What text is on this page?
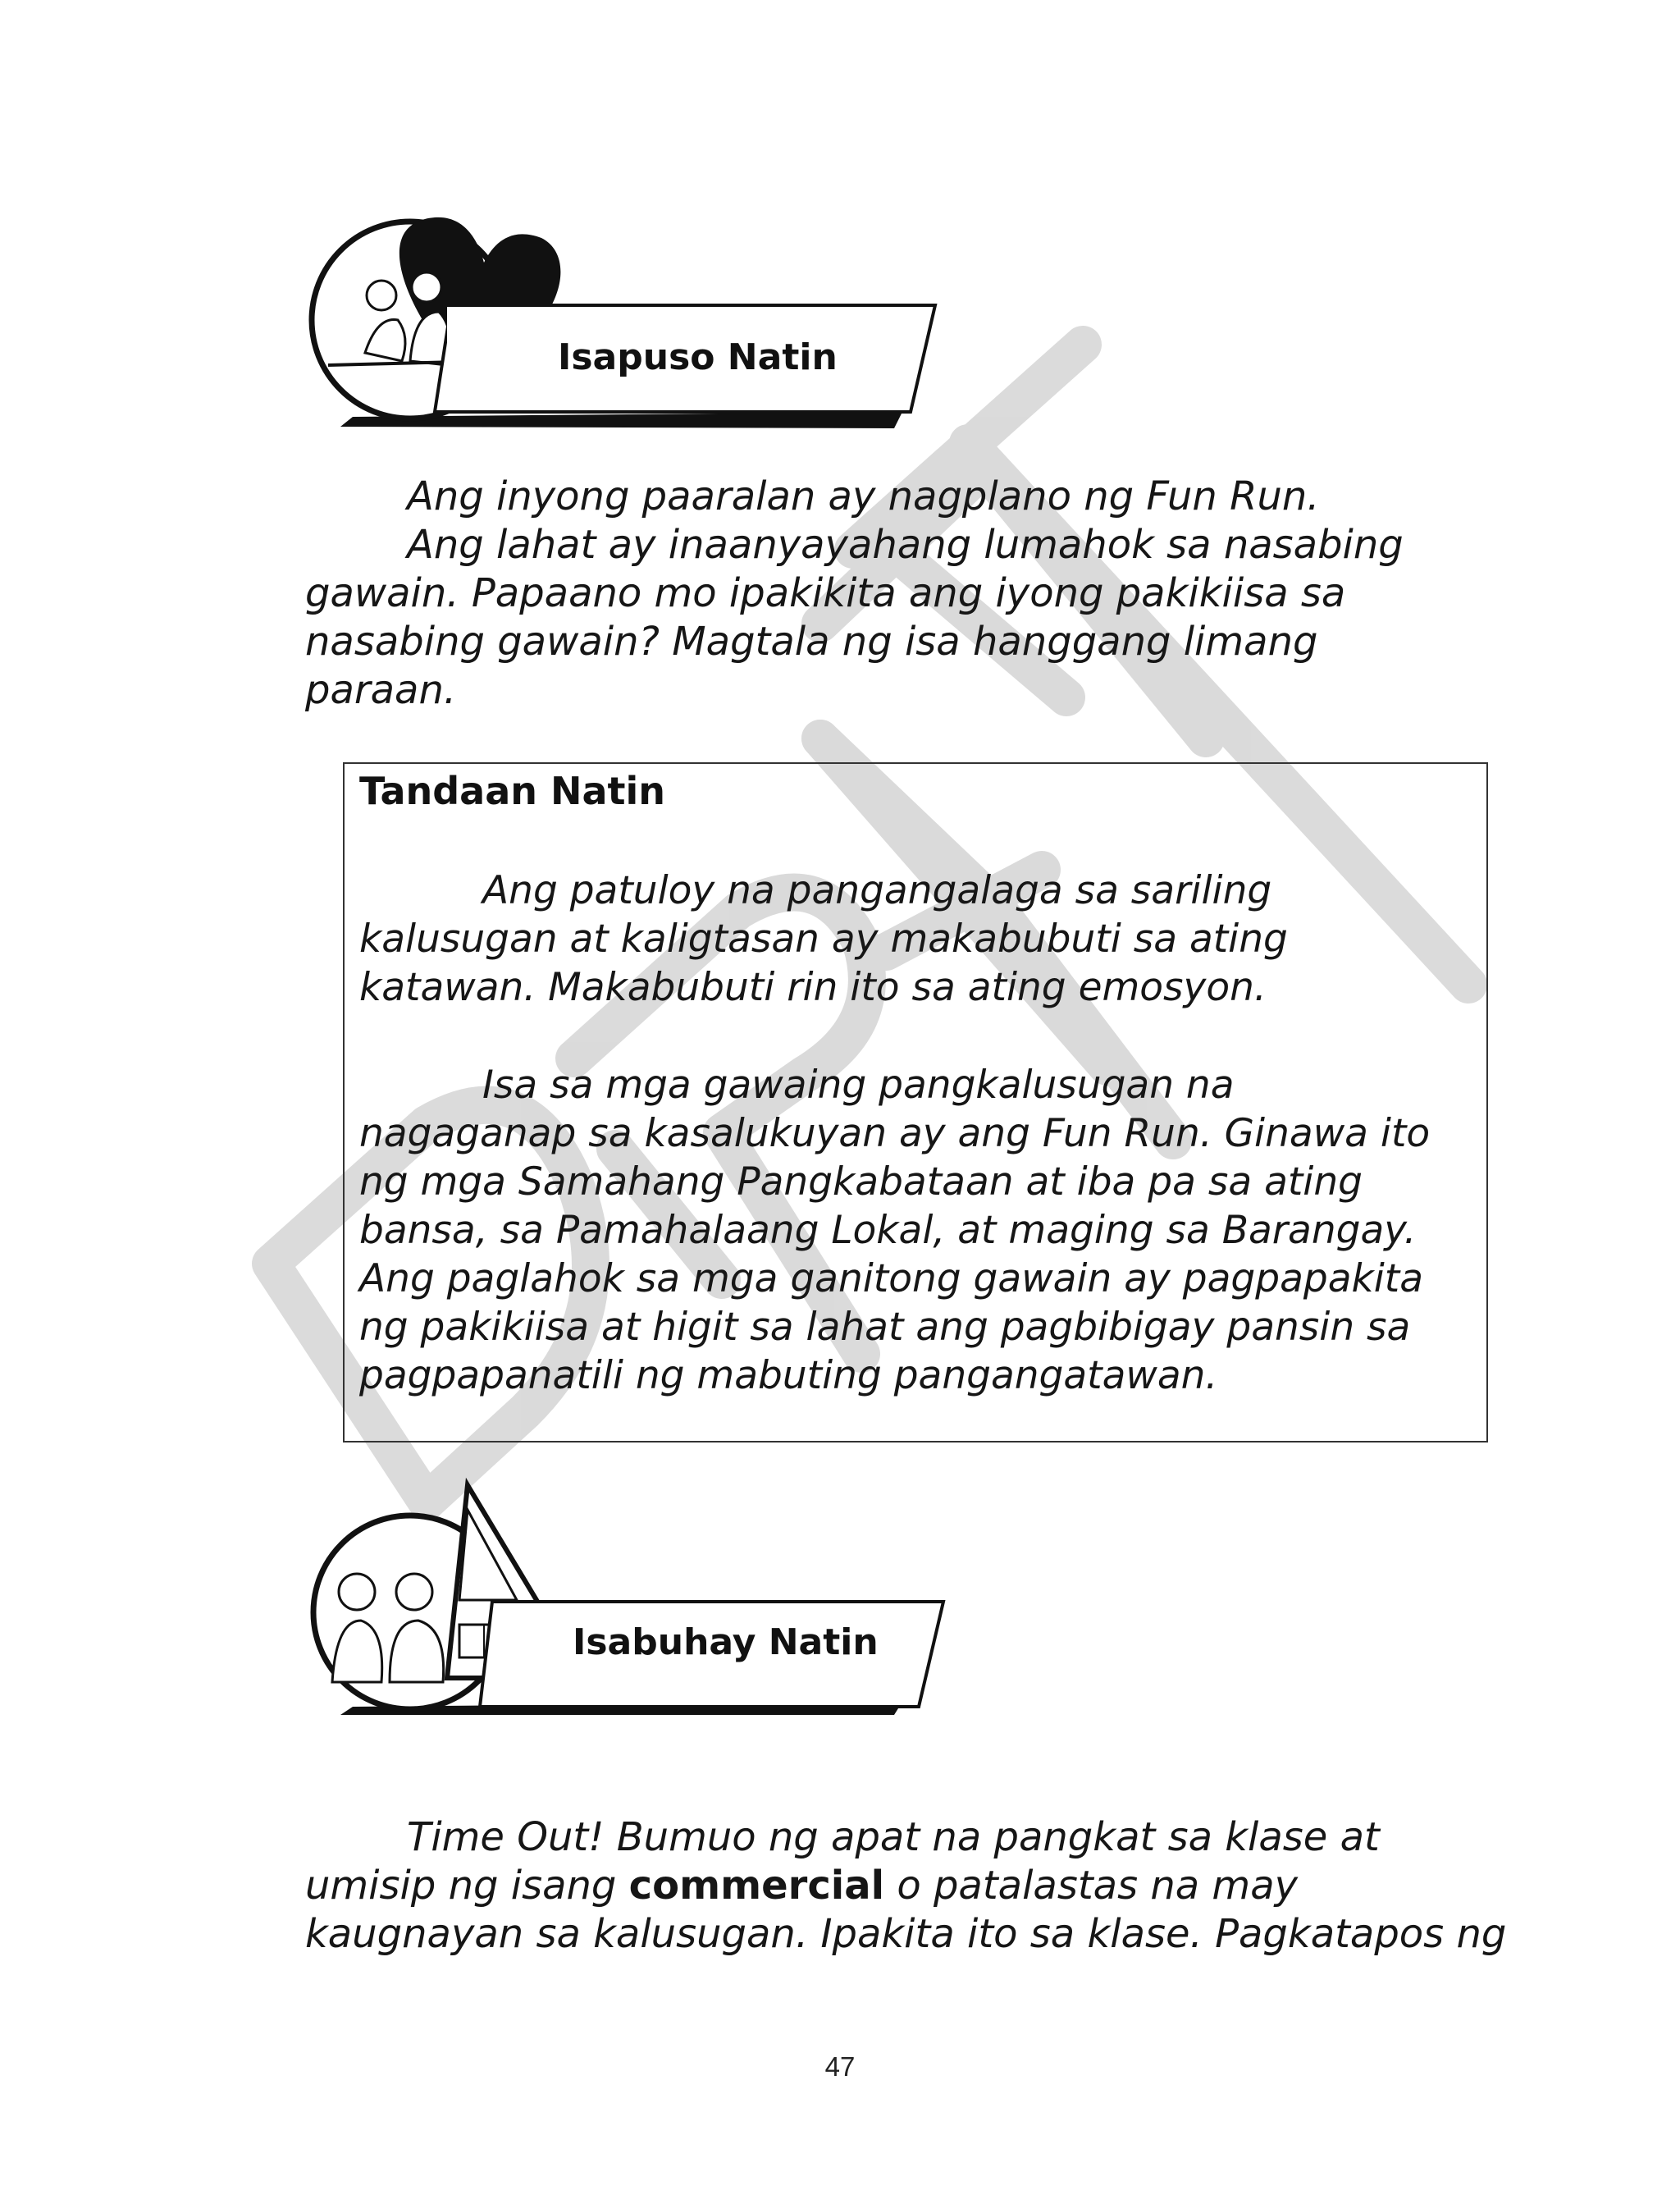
Isapuso Natin
Ang inyong paaralan ay nagplano ng Fun Run.
Ang lahat ay inaanyayahang lumahok sa nasabing
gawain. Papaano mo ipakikita ang iyong pakikiisa sa
nasabing gawain? Magtala ng isa hanggang limang
paraan.
Tandaan Natin
Ang patuloy na pangangalaga sa sariling
kalusugan at kaligtasan ay makabubuti sa ating
katawan. Makabubuti rin ito sa ating emosyon.
Isa sa mga gawaing pangkalusugan na
nagaganap sa kasalukuyan ay ang Fun Run. Ginawa ito
ng mga Samahang Pangkabataan at iba pa sa ating
bansa, sa Pamahalaang Lokal, at maging sa Barangay.
Ang paglahok sa mga ganitong gawain ay pagpapakita
ng pakikiisa at higit sa lahat ang pagbibigay pansin sa
pagpapanatili ng mabuting pangangatawan.
Isabuhay Natin
Time Out! Bumuo ng apat na pangkat sa klase at
umisip ng isang commercial o patalastas na may
kaugnayan sa kalusugan. Ipakita ito sa klase. Pagkatapos ng
47
